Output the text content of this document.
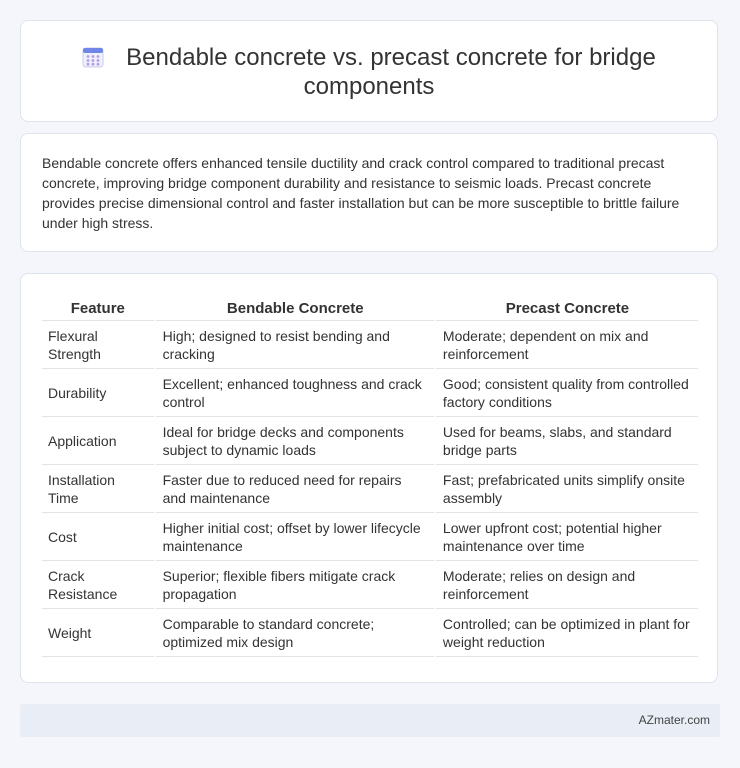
Bendable concrete vs. precast concrete for bridge components

Bendable concrete offers enhanced tensile ductility and crack control compared to traditional precast concrete, improving bridge component durability and resistance to seismic loads. Precast concrete provides precise dimensional control and faster installation but can be more susceptible to brittle failure under high stress.

Feature	Bendable Concrete	Precast Concrete
Flexural Strength	High; designed to resist bending and cracking	Moderate; dependent on mix and reinforcement
Durability	Excellent; enhanced toughness and crack control	Good; consistent quality from controlled factory conditions
Application	Ideal for bridge decks and components subject to dynamic loads	Used for beams, slabs, and standard bridge parts
Installation Time	Faster due to reduced need for repairs and maintenance	Fast; prefabricated units simplify onsite assembly
Cost	Higher initial cost; offset by lower lifecycle maintenance	Lower upfront cost; potential higher maintenance over time
Crack Resistance	Superior; flexible fibers mitigate crack propagation	Moderate; relies on design and reinforcement
Weight	Comparable to standard concrete; optimized mix design	Controlled; can be optimized in plant for weight reduction
AZmater.com
